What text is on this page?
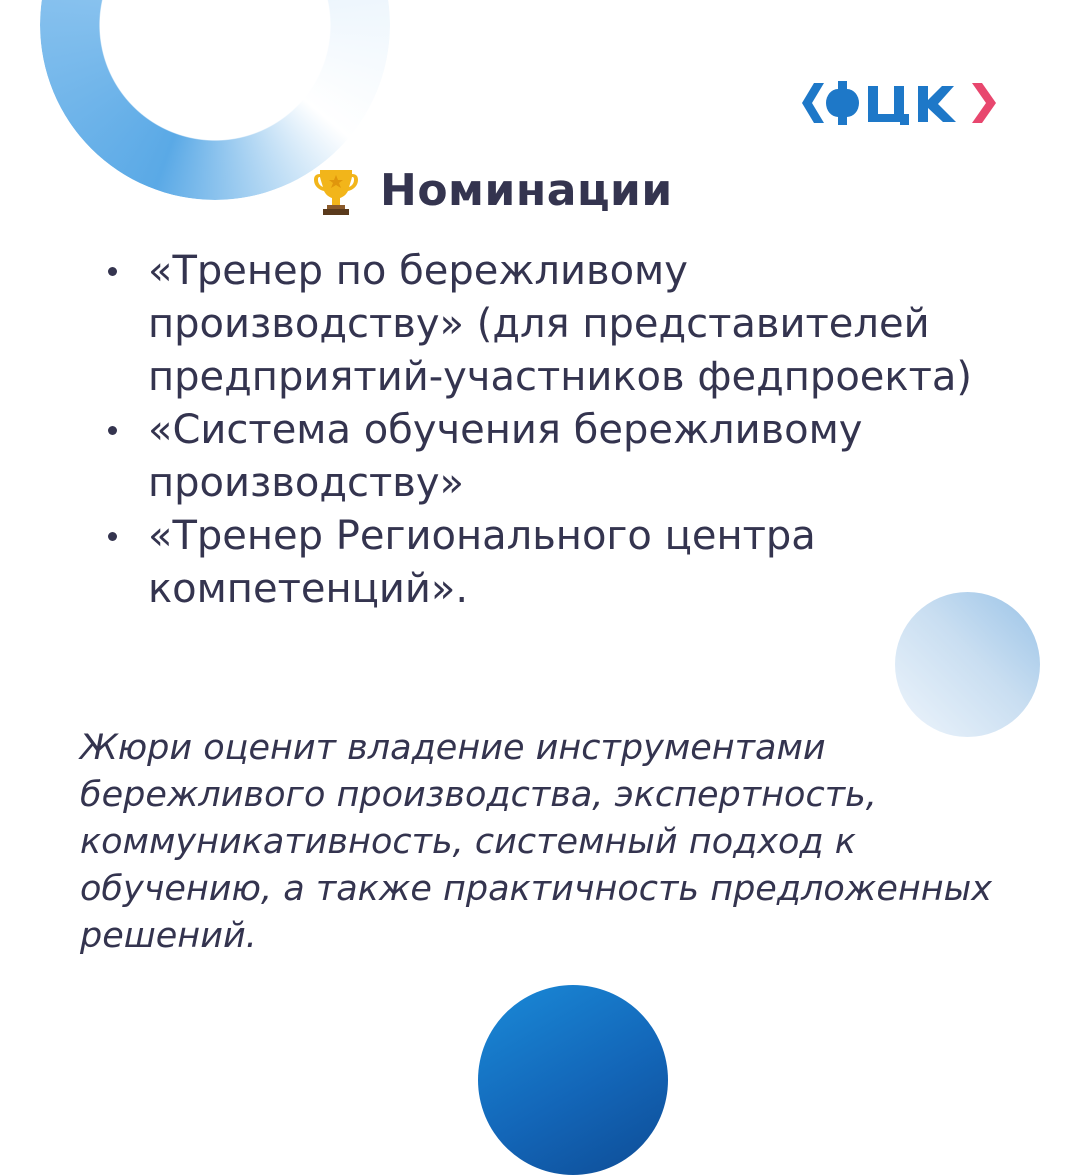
Номинации
«Тренер по бережливому производству» (для представителей предприятий-участников федпроекта)
«Система обучения бережливому производству»
«Тренер Регионального центра компетенций».

Жюри оценит владение инструментами бережливого производства, экспертность, коммуникативность, системный подход к обучению, а также практичность предложенных решений.
